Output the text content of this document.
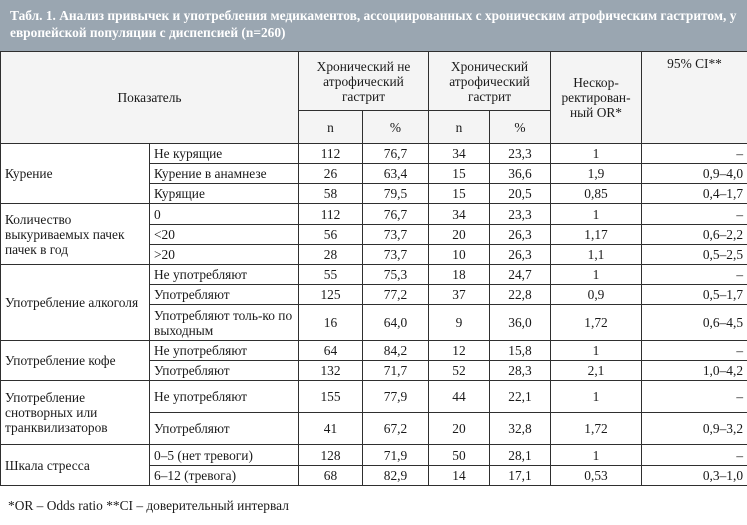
Табл. 1. Анализ привычек и употребления медикаментов, ассоциированных с хроническим атрофическим гастритом, у европейской популяции с диспепсией (n=260)
Показатель		Хронический не атрофический гастрит		Хронический атрофический гастрит		Нескор-ректирован-ный OR*	95% CI**
		n	%	n	%		
Курение	Не курящие	112	76,7	34	23,3	1	–
	Курение в анамнезе	26	63,4	15	36,6	1,9	0,9–4,0
	Курящие	58	79,5	15	20,5	0,85	0,4–1,7
Количество выкуриваемых пачек пачек в год	0	112	76,7	34	23,3	1	–
	<20	56	73,7	20	26,3	1,17	0,6–2,2
	>20	28	73,7	10	26,3	1,1	0,5–2,5
Употребление алкоголя	Не употребляют	55	75,3	18	24,7	1	–
	Употребляют	125	77,2	37	22,8	0,9	0,5–1,7
	Употребляют толь-ко по выходным	16	64,0	9	36,0	1,72	0,6–4,5
Употребление кофе	Не употребляют	64	84,2	12	15,8	1	–
	Употребляют	132	71,7	52	28,3	2,1	1,0–4,2
Употребление снотворных или транквилизаторов	Не употребляют	155	77,9	44	22,1	1	–
	Употребляют	41	67,2	20	32,8	1,72	0,9–3,2
Шкала стресса	0–5 (нет тревоги)	128	71,9	50	28,1	1	–
	6–12 (тревога)	68	82,9	14	17,1	0,53	0,3–1,0
*OR – Odds ratio **CI – доверительный интервал
